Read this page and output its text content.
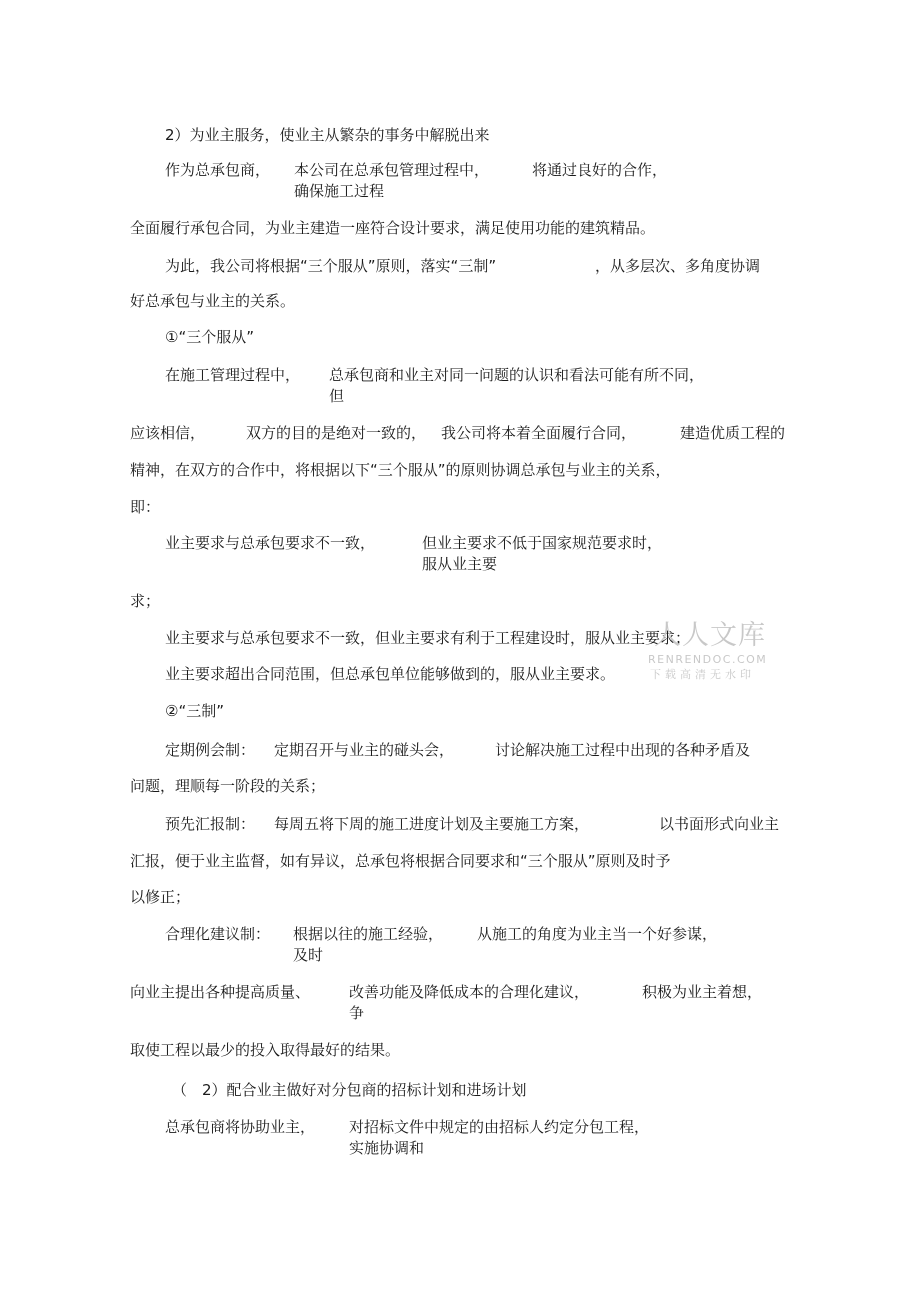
2）为业主服务，使业主从繁杂的事务中解脱出来
作为总承包商， 本公司在总承包管理过程中，	将通过良好的合作，
确保施工过程
全面履行承包合同，为业主建造一座符合设计要求，满足使用功能的建筑精品。
为此，我公司将根据“三个服从”原则，落实“三制”	，从多层次、多角度协调
好总承包与业主的关系。
①“三个服从”
在施工管理过程中， 总承包商和业主对同一问题的认识和看法可能有所不同，
但
应该相信，	双方的目的是绝对一致的， 我公司将本着全面履行合同，	建造优质工程的
精神，在双方的合作中，将根据以下“三个服从”的原则协调总承包与业主的关系，
即：
业主要求与总承包要求不一致，	但业主要求不低于国家规范要求时，
服从业主要
求；
业主要求与总承包要求不一致，但业主要求有利于工程建设时，服从业主要求；
业主要求超出合同范围，但总承包单位能够做到的，服从业主要求。
②“三制”
定期例会制： 定期召开与业主的碰头会，	讨论解决施工过程中出现的各种矛盾及
问题，理顺每一阶段的关系；
预先汇报制： 每周五将下周的施工进度计划及主要施工方案，	以书面形式向业主
汇报，便于业主监督，如有异议，总承包将根据合同要求和“三个服从”原则及时予
以修正；
合理化建议制： 根据以往的施工经验， 从施工的角度为业主当一个好参谋，
及时
向业主提出各种提高质量、	改善功能及降低成本的合理化建议，	积极为业主着想，
争
取使工程以最少的投入取得最好的结果。
（　2）配合业主做好对分包商的招标计划和进场计划
总承包商将协助业主， 对招标文件中规定的由招标人约定分包工程，
实施协调和
人人文库
RENRENDOC.COM
下载高清无水印
